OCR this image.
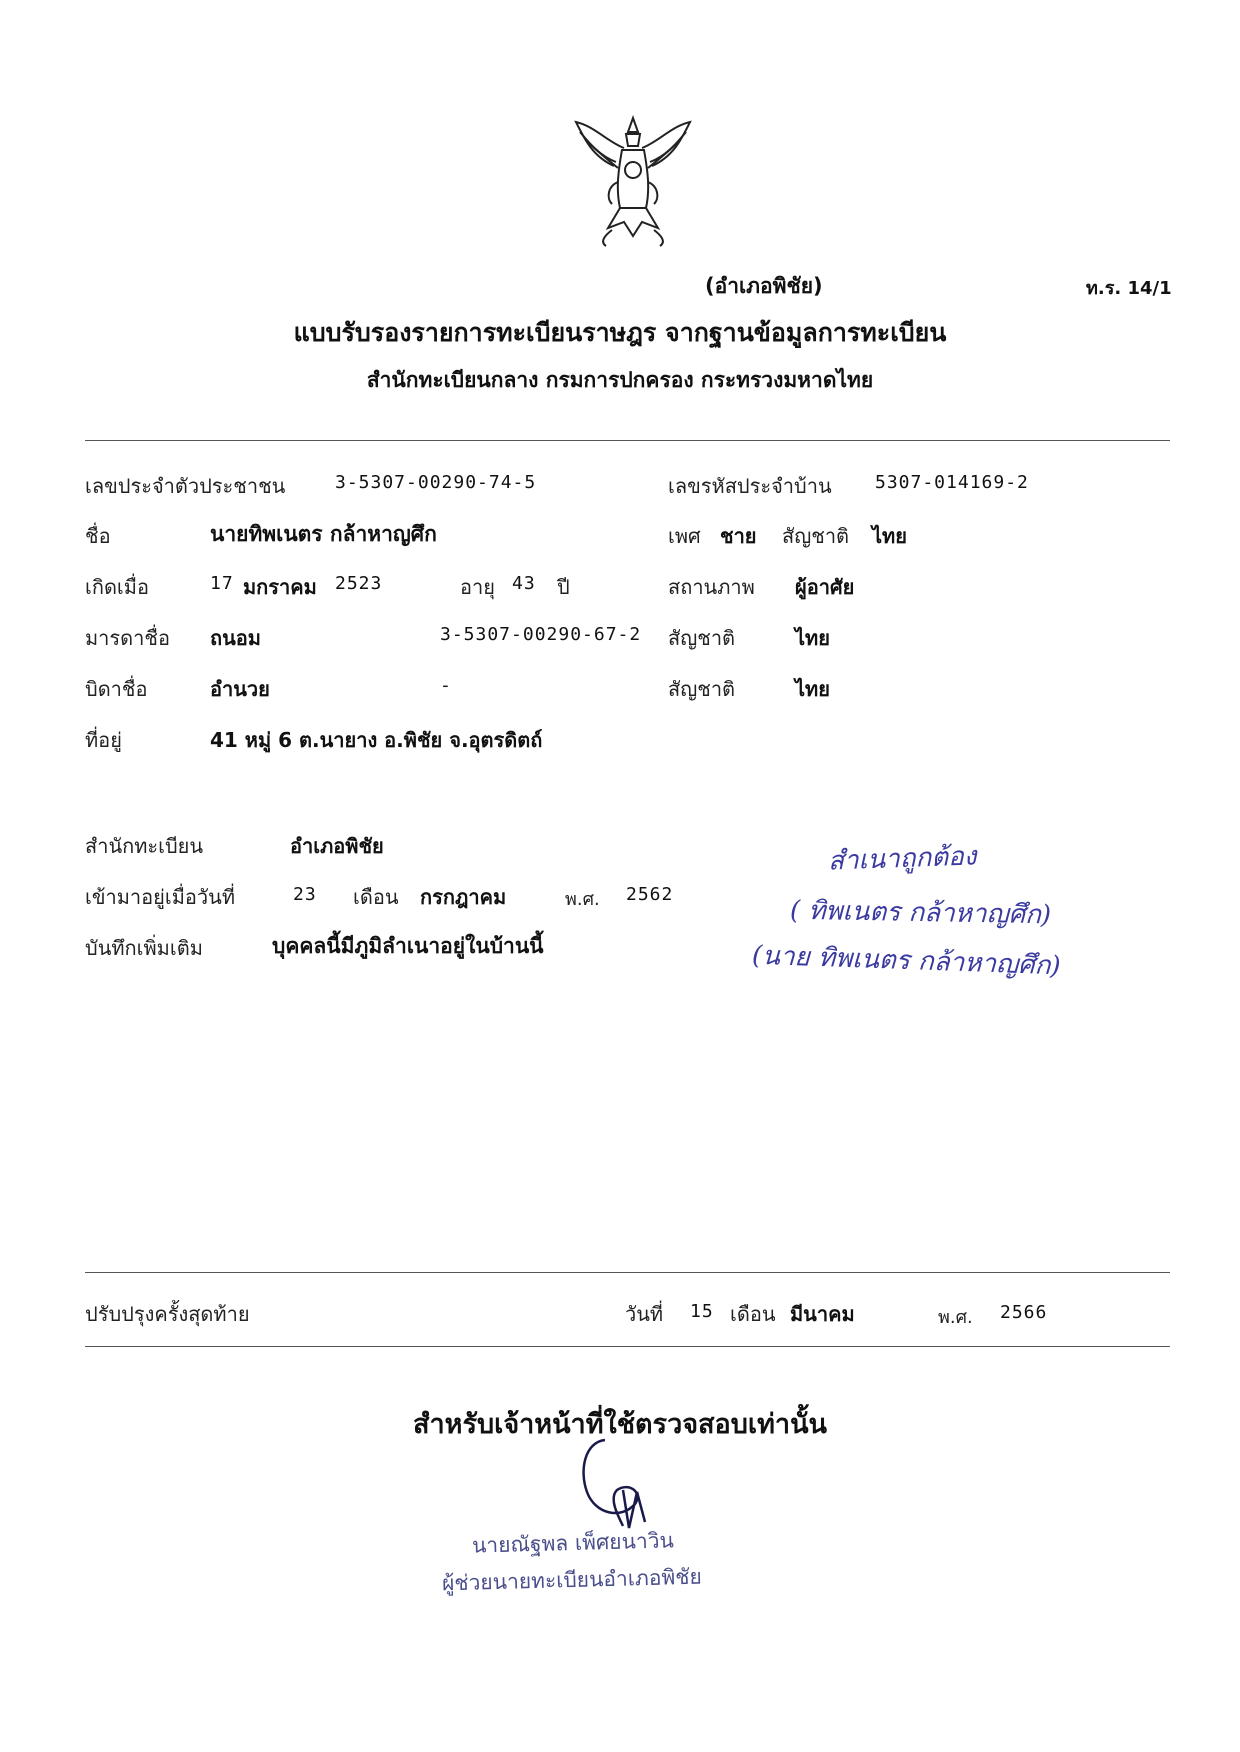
(อำเภอพิชัย)	ท.ร. 14/1
แบบรับรองรายการทะเบียนราษฎร จากฐานข้อมูลการทะเบียน
สำนักทะเบียนกลาง กรมการปกครอง กระทรวงมหาดไทย
เลขประจำตัวประชาชน	3-5307-00290-74-5	เลขรหัสประจำบ้าน 5307-014169-2
ชื่อ	นายทิพเนตร กล้าหาญศึก	เพศ ชาย สัญชาติ ไทย
เกิดเมื่อ	17 มกราคม 2523	อายุ 43 ปี	สถานภาพ ผู้อาศัย
มารดาชื่อ ถนอม	3-5307-00290-67-2 สัญชาติ	ไทย
บิดาชื่อ	อำนวย	-	สัญชาติ	ไทย
ที่อยู่	41 หมู่ 6 ต.นายาง อ.พิชัย จ.อุตรดิตถ์
สำนักทะเบียน	อำเภอพิชัย
เข้ามาอยู่เมื่อวันที่	23 เดือน กรกฎาคม	พ.ศ. 2562
บันทึกเพิ่มเติม	บุคคลนี้มีภูมิลำเนาอยู่ในบ้านนี้
สำเนาถูกต้อง
( ทิพเนตร กล้าหาญศึก)
(นาย ทิพเนตร กล้าหาญศึก)
ปรับปรุงครั้งสุดท้าย	วันที่ 15 เดือน มีนาคม	พ.ศ. 2566
สำหรับเจ้าหน้าที่ใช้ตรวจสอบเท่านั้น
นายณัฐพล เพ็ศยนาวิน
ผู้ช่วยนายทะเบียนอำเภอพิชัย
